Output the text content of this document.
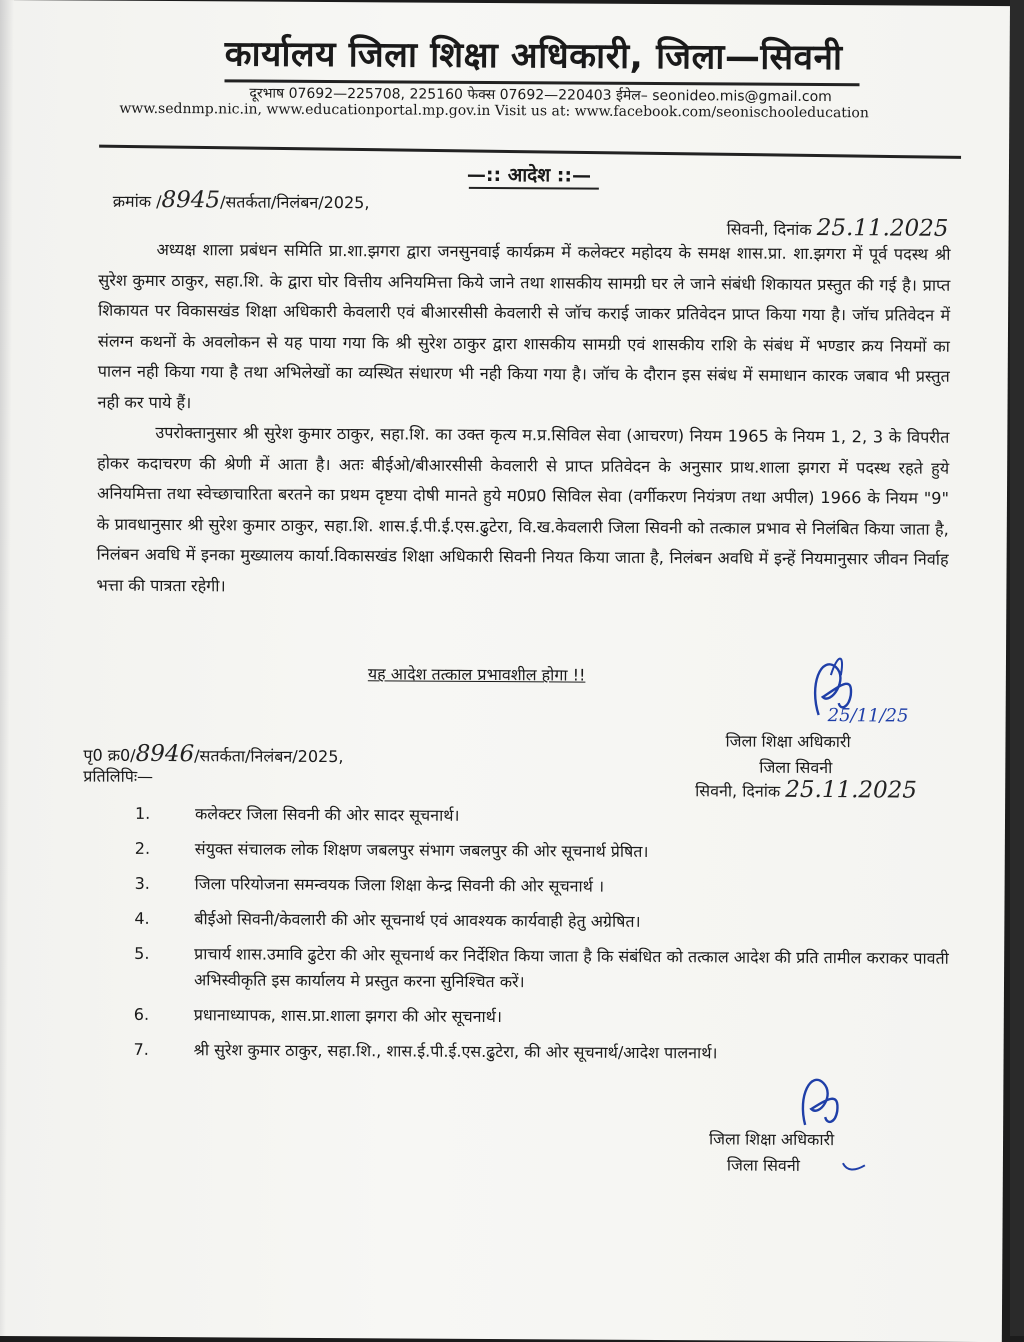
कार्यालय जिला शिक्षा अधिकारी, जिला—सिवनी
दूरभाष 07692—225708, 225160 फेक्स 07692—220403 ईमेल– seonideo.mis@gmail.com
www.sednmp.nic.in, www.educationportal.mp.gov.in Visit us at: www.facebook.com/seonischooleducation
—:: आदेश ::—
क्रमांक /8945/सतर्कता/निलंबन/2025,
सिवनी, दिनांक 25.11.2025

अध्यक्ष शाला प्रबंधन समिति प्रा.शा.झगरा द्वारा जनसुनवाई कार्यक्रम में कलेक्टर महोदय के समक्ष शास.प्रा. शा.झगरा में पूर्व पदस्थ श्री सुरेश कुमार ठाकुर, सहा.शि. के द्वारा घोर वित्तीय अनियमित्ता किये जाने तथा शासकीय सामग्री घर ले जाने संबंधी शिकायत प्रस्तुत की गई है। प्राप्त शिकायत पर विकासखंड शिक्षा अधिकारी केवलारी एवं बीआरसीसी केवलारी से जॉच कराई जाकर प्रतिवेदन प्राप्त किया गया है। जॉच प्रतिवेदन में संलग्न कथनों के अवलोकन से यह पाया गया कि श्री सुरेश ठाकुर द्वारा शासकीय सामग्री एवं शासकीय राशि के संबंध में भण्डार क्रय नियमों का पालन नही किया गया है तथा अभिलेखों का व्यस्थित संधारण भी नही किया गया है। जॉच के दौरान इस संबंध में समाधान कारक जबाव भी प्रस्तुत नही कर पाये हैं।

उपरोक्तानुसार श्री सुरेश कुमार ठाकुर, सहा.शि. का उक्त कृत्य म.प्र.सिविल सेवा (आचरण) नियम 1965 के नियम 1, 2, 3 के विपरीत होकर कदाचरण की श्रेणी में आता है। अतः बीईओ/बीआरसीसी केवलारी से प्राप्त प्रतिवेदन के अनुसार प्राथ.शाला झगरा में पदस्थ रहते हुये अनियमित्ता तथा स्वेच्छाचारिता बरतने का प्रथम दृष्टया दोषी मानते हुये म0प्र0 सिविल सेवा (वर्गीकरण नियंत्रण तथा अपील) 1966 के नियम "9" के प्रावधानुसार श्री सुरेश कुमार ठाकुर, सहा.शि. शास.ई.पी.ई.एस.ढुटेरा, वि.ख.केवलारी जिला सिवनी को तत्काल प्रभाव से निलंबित किया जाता है, निलंबन अवधि में इनका मुख्यालय कार्या.विकासखंड शिक्षा अधिकारी सिवनी नियत किया जाता है, निलंबन अवधि में इन्हें नियमानुसार जीवन निर्वाह भत्ता की पात्रता रहेगी।

यह आदेश तत्काल प्रभावशील होगा !!
25/11/25
जिला शिक्षा अधिकारी
जिला सिवनी
पृ0 क्र0/8946/सतर्कता/निलंबन/2025,
प्रतिलिपिः—
सिवनी, दिनांक 25.11.2025
1.	कलेक्टर जिला सिवनी की ओर सादर सूचनार्थ।
2.	संयुक्त संचालक लोक शिक्षण जबलपुर संभाग जबलपुर की ओर सूचनार्थ प्रेषित।
3.	जिला परियोजना समन्वयक जिला शिक्षा केन्द्र सिवनी की ओर सूचनार्थ ।
4.	बीईओ सिवनी/केवलारी की ओर सूचनार्थ एवं आवश्यक कार्यवाही हेतु अग्रेषित।
5.	प्राचार्य शास.उमावि ढुटेरा की ओर सूचनार्थ कर निर्देशित किया जाता है कि संबंधित को तत्काल आदेश की प्रति तामील कराकर पावती अभिस्वीकृति इस कार्यालय मे प्रस्तुत करना सुनिश्चित करें।
6.	प्रधानाध्यापक, शास.प्रा.शाला झगरा की ओर सूचनार्थ।
7.	श्री सुरेश कुमार ठाकुर, सहा.शि., शास.ई.पी.ई.एस.ढुटेरा, की ओर सूचनार्थ/आदेश पालनार्थ।
जिला शिक्षा अधिकारी
जिला सिवनी
